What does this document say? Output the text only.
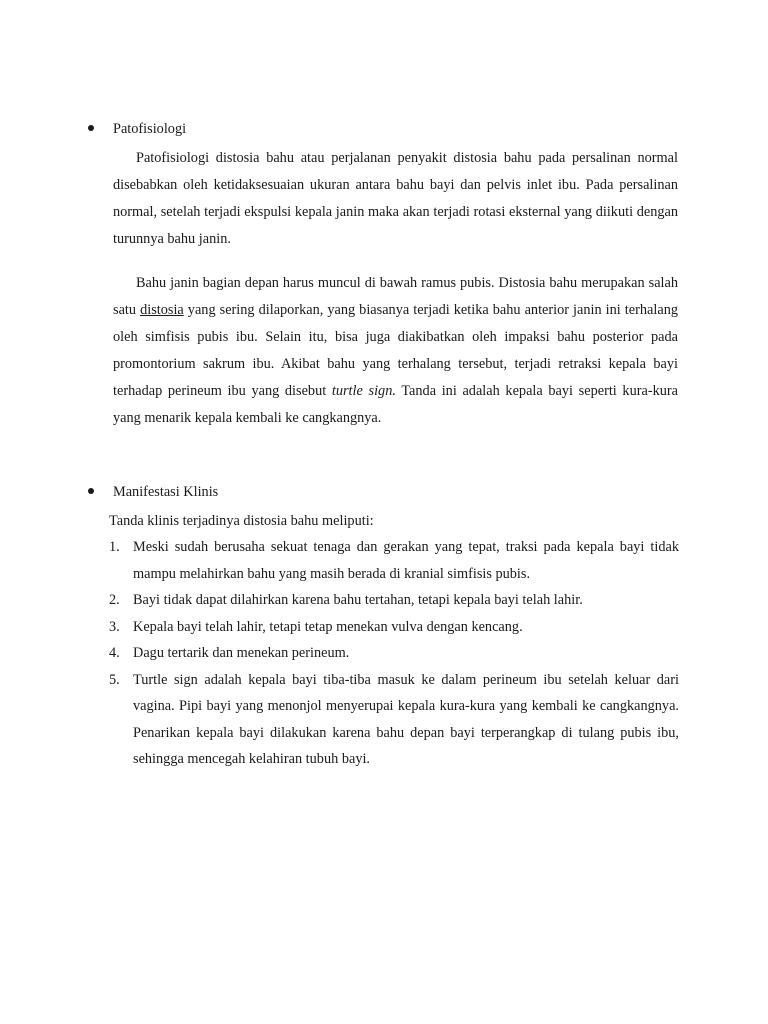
Patofisiologi

Patofisiologi distosia bahu atau perjalanan penyakit distosia bahu pada persalinan normal disebabkan oleh ketidaksesuaian ukuran antara bahu bayi dan pelvis inlet ibu. Pada persalinan normal, setelah terjadi ekspulsi kepala janin maka akan terjadi rotasi eksternal yang diikuti dengan turunnya bahu janin.

Bahu janin bagian depan harus muncul di bawah ramus pubis. Distosia bahu merupakan salah satu distosia yang sering dilaporkan, yang biasanya terjadi ketika bahu anterior janin ini terhalang oleh simfisis pubis ibu. Selain itu, bisa juga diakibatkan oleh impaksi bahu posterior pada promontorium sakrum ibu. Akibat bahu yang terhalang tersebut, terjadi retraksi kepala bayi terhadap perineum ibu yang disebut turtle sign. Tanda ini adalah kepala bayi seperti kura-kura yang menarik kepala kembali ke cangkangnya.

Manifestasi Klinis

Tanda klinis terjadinya distosia bahu meliputi:

1. Meski sudah berusaha sekuat tenaga dan gerakan yang tepat, traksi pada kepala bayi tidak mampu melahirkan bahu yang masih berada di kranial simfisis pubis.
2. Bayi tidak dapat dilahirkan karena bahu tertahan, tetapi kepala bayi telah lahir.
3. Kepala bayi telah lahir, tetapi tetap menekan vulva dengan kencang.
4. Dagu tertarik dan menekan perineum.
5. Turtle sign adalah kepala bayi tiba-tiba masuk ke dalam perineum ibu setelah keluar dari vagina. Pipi bayi yang menonjol menyerupai kepala kura-kura yang kembali ke cangkangnya. Penarikan kepala bayi dilakukan karena bahu depan bayi terperangkap di tulang pubis ibu, sehingga mencegah kelahiran tubuh bayi.
